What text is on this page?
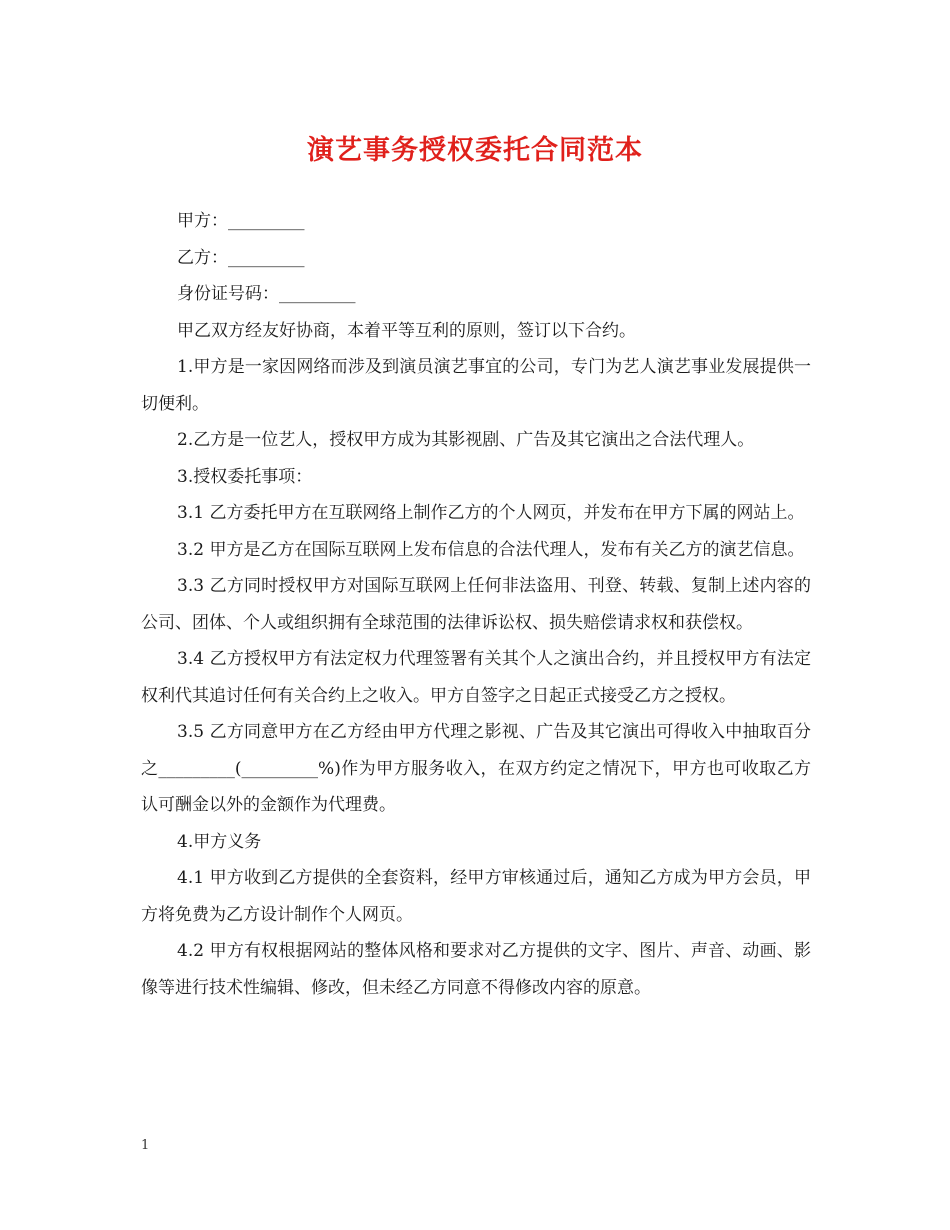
演艺事务授权委托合同范本

甲方：_________

乙方：_________

身份证号码：_________

甲乙双方经友好协商，本着平等互利的原则，签订以下合约。

1.甲方是一家因网络而涉及到演员演艺事宜的公司，专门为艺人演艺事业发展提供一切便利。

2.乙方是一位艺人，授权甲方成为其影视剧、广告及其它演出之合法代理人。

3.授权委托事项：

3.1 乙方委托甲方在互联网络上制作乙方的个人网页，并发布在甲方下属的网站上。

3.2 甲方是乙方在国际互联网上发布信息的合法代理人，发布有关乙方的演艺信息。

3.3 乙方同时授权甲方对国际互联网上任何非法盗用、刊登、转载、复制上述内容的公司、团体、个人或组织拥有全球范围的法律诉讼权、损失赔偿请求权和获偿权。

3.4 乙方授权甲方有法定权力代理签署有关其个人之演出合约，并且授权甲方有法定权利代其追讨任何有关合约上之收入。甲方自签字之日起正式接受乙方之授权。

3.5 乙方同意甲方在乙方经由甲方代理之影视、广告及其它演出可得收入中抽取百分之_________(_________%)作为甲方服务收入，在双方约定之情况下，甲方也可收取乙方认可酬金以外的金额作为代理费。

4.甲方义务

4.1 甲方收到乙方提供的全套资料，经甲方审核通过后，通知乙方成为甲方会员，甲方将免费为乙方设计制作个人网页。

4.2 甲方有权根据网站的整体风格和要求对乙方提供的文字、图片、声音、动画、影像等进行技术性编辑、修改，但未经乙方同意不得修改内容的原意。

1
